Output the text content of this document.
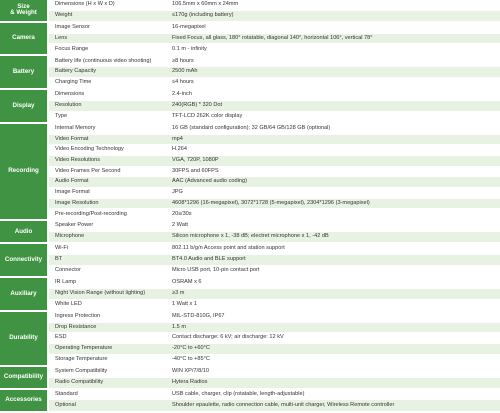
Size
& Weight	Dimensions (H x W x D)	106.5mm x 60mm x 24mm
	Weight	≤170g (including battery)
Camera	Image Sensor	16-megapixel
	Lens	Fixed Focus, all glass, 180° rotatable, diagonal 140°, horizontal 106°, vertical 78°
	Focus Range	0.1 m - infinity
Battery	Battery life (continuous video shooting)	≥8 hours
	Battery Capacity	2500 mAh
	Charging Time	≤4 hours
Display	Dimensions	2.4-inch
	Resolution	240(RGB) * 320 Dot
	Type	TFT-LCD 262K color display
Recording	Internal Memory	16 GB (standard configuration); 32 GB/64 GB/128 GB (optional)
	Video Format	mp4
	Video Encoding Technology	H.264
	Video Resolutions	VGA, 720P, 1080P
	Video Frames Per Second	30FPS and 60FPS
	Audio Format	AAC (Advanced audio coding)
	Image Format	JPG
	Image Resolution	4608*1296 (16-megapixel), 3072*1728 (5-megapixel), 2304*1296 (3-megapixel)
	Pre-recording/Post-recording	20s/30s
Audio	Speaker Power	2 Watt
	Microphone	Silicon microphone x 1, -38 dB; electret microphone x 1, -42 dB
Connectivity	Wi-Fi	802.11 b/g/n Access point and station support
	BT	BT4.0 Audio and BLE support
	Connector	Micro USB port, 10-pin contact port
Auxiliary	IR Lamp	OSRAM x 6
	Night Vision Range (without lighting)	≥3 m
	White LED	1 Watt x 1
Durability	Ingress Protection	MIL-STD-810G, IP67
	Drop Resistance	1.5 m
	ESD	Contact discharge: 6 kV; air discharge: 12 kV
	Operating Temperature	-20°C to +60°C
	Storage Temperature	-40°C to +85°C
Compatibility	System Compatibility	WIN XP/7/8/10
	Radio Compatibility	Hytera Radios
Accessories	Standard	USB cable, charger, clip (rotatable, length-adjustable)
	Optional	Shoulder epaulette, radio connection cable, multi-unit charger, Wireless Remote controller
